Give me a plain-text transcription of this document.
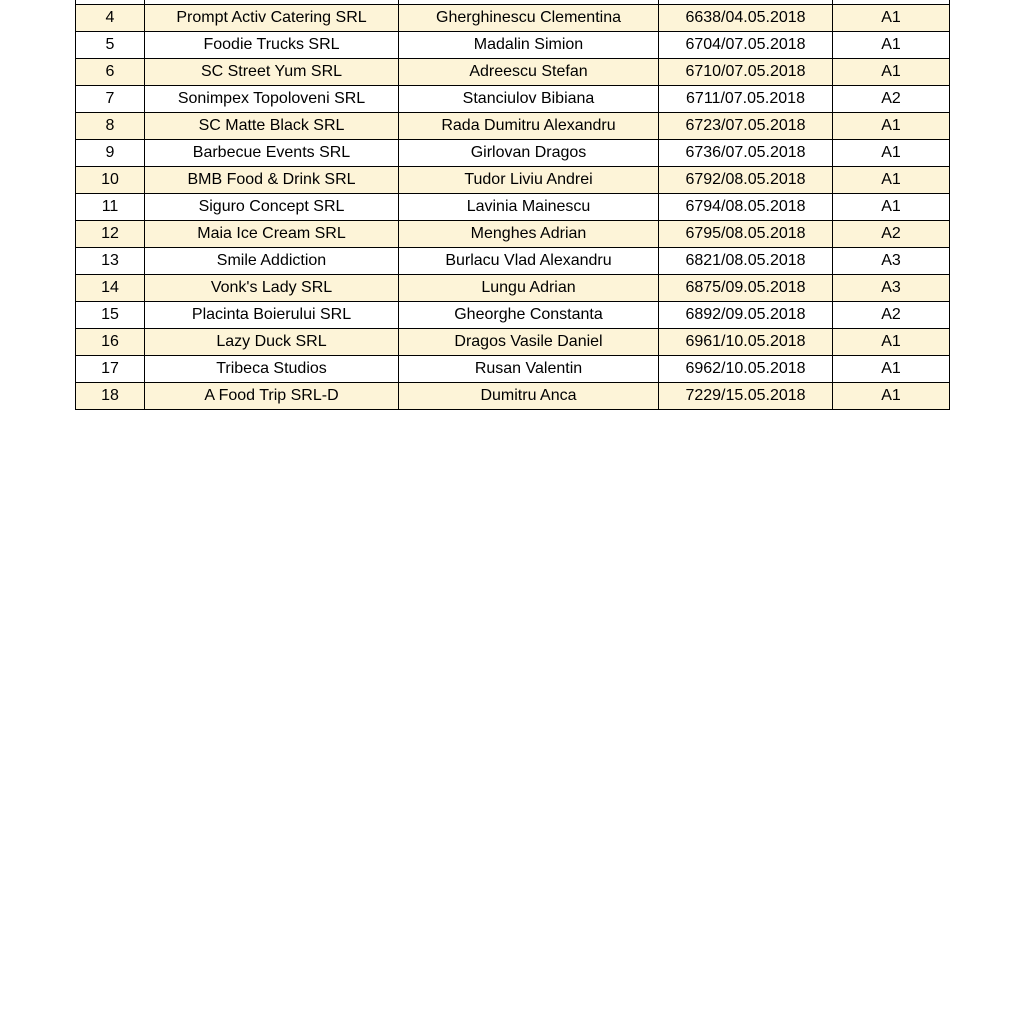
4	Prompt Activ Catering SRL	Gherghinescu Clementina	6638/04.05.2018	A1
5	Foodie Trucks SRL	Madalin Simion	6704/07.05.2018	A1
6	SC Street Yum SRL	Adreescu Stefan	6710/07.05.2018	A1
7	Sonimpex Topoloveni SRL	Stanciulov Bibiana	6711/07.05.2018	A2
8	SC Matte Black SRL	Rada Dumitru Alexandru	6723/07.05.2018	A1
9	Barbecue Events SRL	Girlovan Dragos	6736/07.05.2018	A1
10	BMB Food & Drink SRL	Tudor Liviu Andrei	6792/08.05.2018	A1
11	Siguro Concept SRL	Lavinia Mainescu	6794/08.05.2018	A1
12	Maia Ice Cream SRL	Menghes Adrian	6795/08.05.2018	A2
13	Smile Addiction	Burlacu Vlad Alexandru	6821/08.05.2018	A3
14	Vonk's Lady SRL	Lungu Adrian	6875/09.05.2018	A3
15	Placinta Boierului SRL	Gheorghe Constanta	6892/09.05.2018	A2
16	Lazy Duck SRL	Dragos Vasile Daniel	6961/10.05.2018	A1
17	Tribeca Studios	Rusan Valentin	6962/10.05.2018	A1
18	A Food Trip SRL-D	Dumitru Anca	7229/15.05.2018	A1
